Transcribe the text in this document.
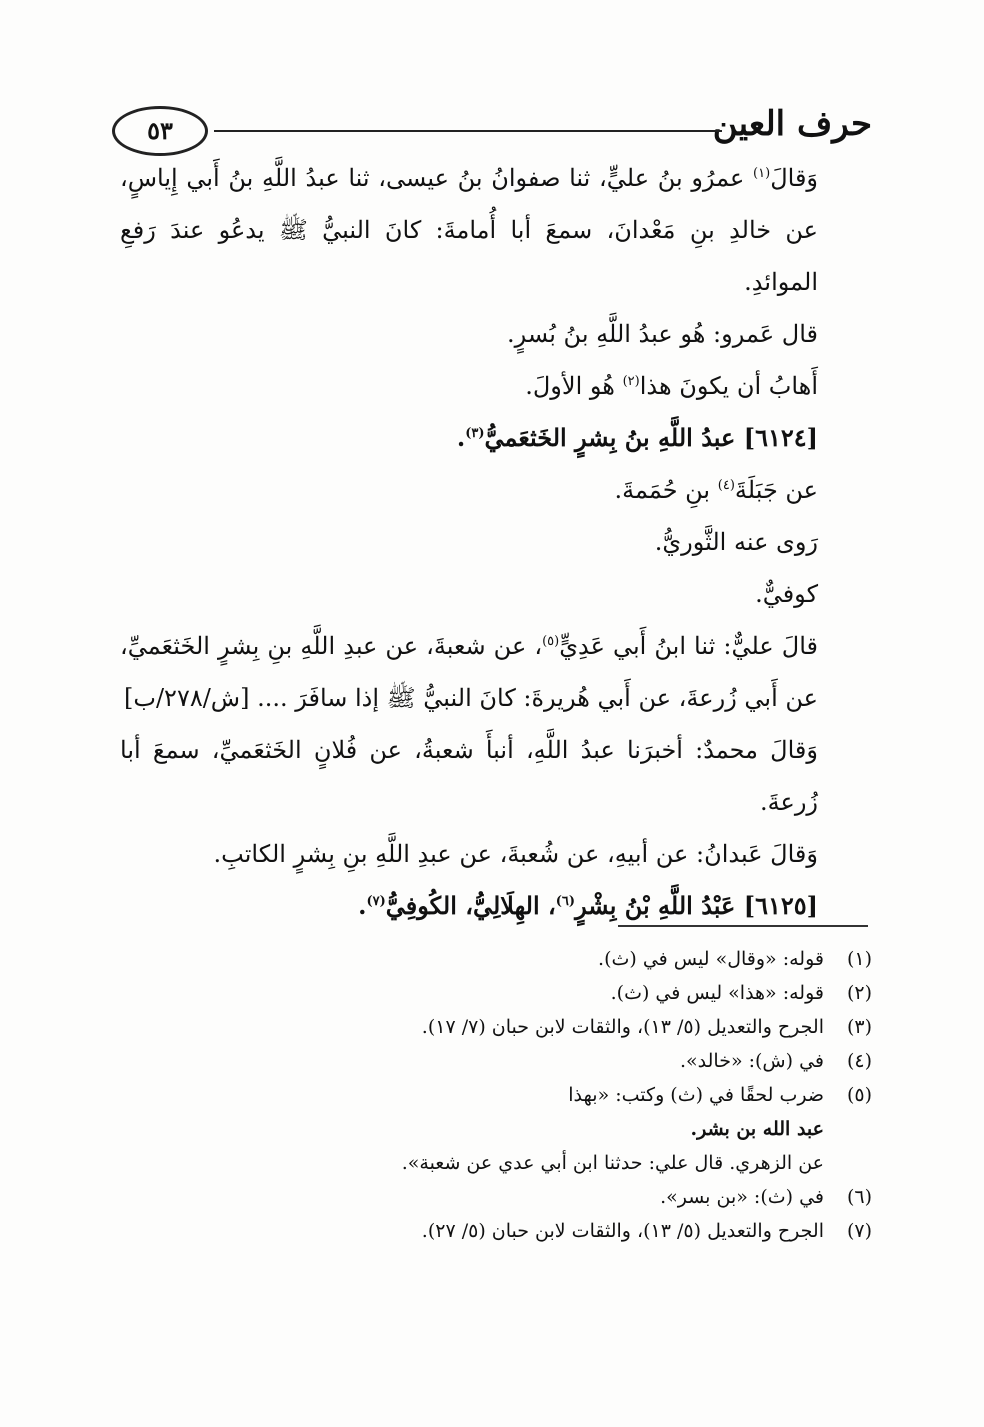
حرف العين
٥٣

وَقالَ$^{(١)}$ عمرُو بنُ عليٍّ، ثنا صفوانُ بنُ عيسى، ثنا عبدُ اللَّهِ بنُ أَبي إِياسٍ، عن خالدِ بنِ مَعْدانَ، سمعَ أبا أُمامةَ: كانَ النبيُّ ﷺ يدعُو عندَ رَفعِ الموائدِ.

قال عَمرو: هُو عبدُ اللَّهِ بنُ بُسرٍ.

أَهابُ أن يكونَ هذا$^{(٢)}$ هُو الأولَ.

[٦١٢٤] عبدُ اللَّهِ بنُ بِشرٍ الخَثعَميُّ$^{(٣)}$.

عن جَبَلَةَ$^{(٤)}$ بنِ حُمَمةَ.

رَوى عنه الثَّوريُّ.

كوفيٌّ.

قالَ عليٌّ: ثنا ابنُ أَبي عَدِيٍّ$^{(٥)}$، عن شعبةَ، عن عبدِ اللَّهِ بنِ بِشرٍ الخَثعَميِّ، عن أَبي زُرعةَ، عن أَبي هُريرةَ: كانَ النبيُّ ﷺ إذا سافَرَ .... [ش/٢٧٨/ب]

وَقالَ محمدٌ: أخبرَنا عبدُ اللَّهِ، أنبأَ شعبةُ، عن فُلانٍ الخَثعَميِّ، سمعَ أبا زُرعةَ.

وَقالَ عَبدانُ: عن أبيهِ، عن شُعبةَ، عن عبدِ اللَّهِ بنِ بِشرٍ الكاتبِ.

[٦١٢٥] عَبْدُ اللَّهِ بْنُ بِشْرٍ$^{(٦)}$، الهِلَالِيُّ، الكُوفِيُّ$^{(٧)}$.

(١)
قوله: «وقال» ليس في (ث).
(٢)
قوله: «هذا» ليس في (ث).
(٣)
الجرح والتعديل (٥/ ١٣)، والثقات لابن حبان (٧/ ١٧).
(٤)
في (ش): «خالد».
(٥)
ضرب لحقًا في (ث) وكتب: «بهذا
عبد الله بن بشر.
عن الزهري. قال علي: حدثنا ابن أبي عدي عن شعبة».
(٦)
في (ث): «بن بسر».
(٧)
الجرح والتعديل (٥/ ١٣)، والثقات لابن حبان (٥/ ٢٧).
